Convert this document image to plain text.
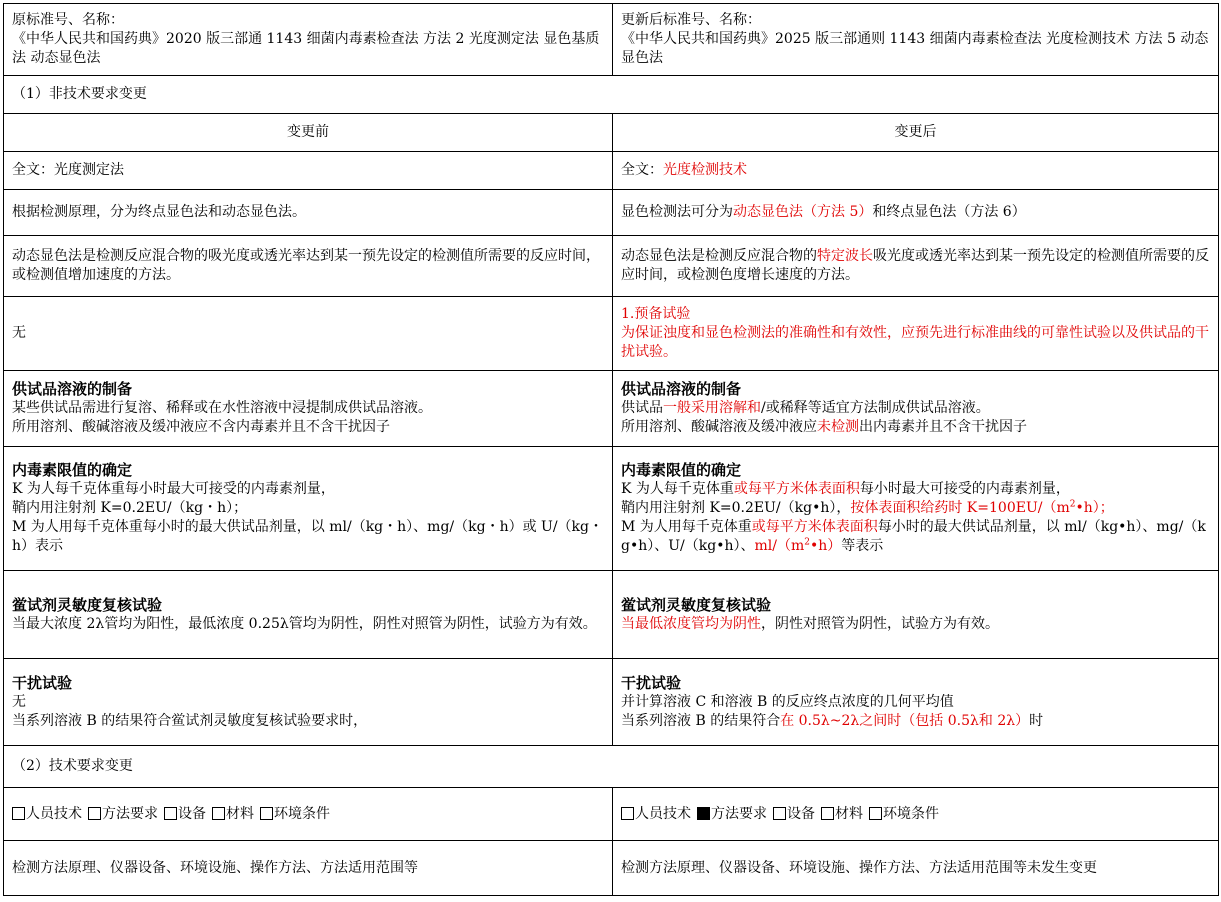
原标准号、名称：
《中华人民共和国药典》2020 版三部通 1143 细菌内毒素检查法 方法 2 光度测定法 显色基质法 动态显色法	更新后标准号、名称：
《中华人民共和国药典》2025 版三部通则 1143 细菌内毒素检查法 光度检测技术 方法 5 动态显色法

（1）非技术要求变更	
变更前	变更后
全文：光度测定法	全文：光度检测技术
根据检测原理，分为终点显色法和动态显色法。	显色检测法可分为动态显色法（方法 5）和终点显色法（方法 6）
动态显色法是检测反应混合物的吸光度或透光率达到某一预先设定的检测值所需要的反应时间，或检测值增加速度的方法。	动态显色法是检测反应混合物的特定波长吸光度或透光率达到某一预先设定的检测值所需要的反应时间，或检测色度增长速度的方法。
无	1.预备试验
为保证浊度和显色检测法的准确性和有效性，应预先进行标准曲线的可靠性试验以及供试品的干扰试验。

供试品溶液的制备
某些供试品需进行复溶、稀释或在水性溶液中浸提制成供试品溶液。
所用溶剂、酸碱溶液及缓冲液应不含内毒素并且不含干扰因子	供试品溶液的制备
供试品一般采用溶解和/或稀释等适宜方法制成供试品溶液。
所用溶剂、酸碱溶液及缓冲液应未检测出内毒素并且不含干扰因子

内毒素限值的确定
K 为人每千克体重每小时最大可接受的内毒素剂量，
鞘内用注射剂 K=0.2EU/（kg・h）；
M 为人用每千克体重每小时的最大供试品剂量，以 ml/（kg・h）、mg/（kg・h）或 U/（kg・h）表示	内毒素限值的确定
K 为人每千克体重或每平方米体表面积每小时最大可接受的内毒素剂量，
鞘内用注射剂 K=0.2EU/（kg•h），按体表面积给药时 $K=100EU/(m^2•h)$；
M 为人用每千克体重或每平方米体表面积每小时的最大供试品剂量，以 ml/（kg•h）、mg/（kg•h）、U/（kg•h）、$ml/(m^2•h)$等表示

鲎试剂灵敏度复核试验
当最大浓度 2λ管均为阳性，最低浓度 0.25λ管均为阴性，阴性对照管为阴性，试验方为有效。	鲎试剂灵敏度复核试验
当最低浓度管均为阴性，阴性对照管为阴性，试验方为有效。

干扰试验
无
当系列溶液 B 的结果符合鲎试剂灵敏度复核试验要求时，	干扰试验
并计算溶液 C 和溶液 B 的反应终点浓度的几何平均值
当系列溶液 B 的结果符合在 0.5λ~2λ之间时（包括 0.5λ和 2λ）时

（2）技术要求变更	
人员技术 方法要求 设备 材料 环境条件	人员技术 方法要求 设备 材料 环境条件
检测方法原理、仪器设备、环境设施、操作方法、方法适用范围等	检测方法原理、仪器设备、环境设施、操作方法、方法适用范围等未发生变更
